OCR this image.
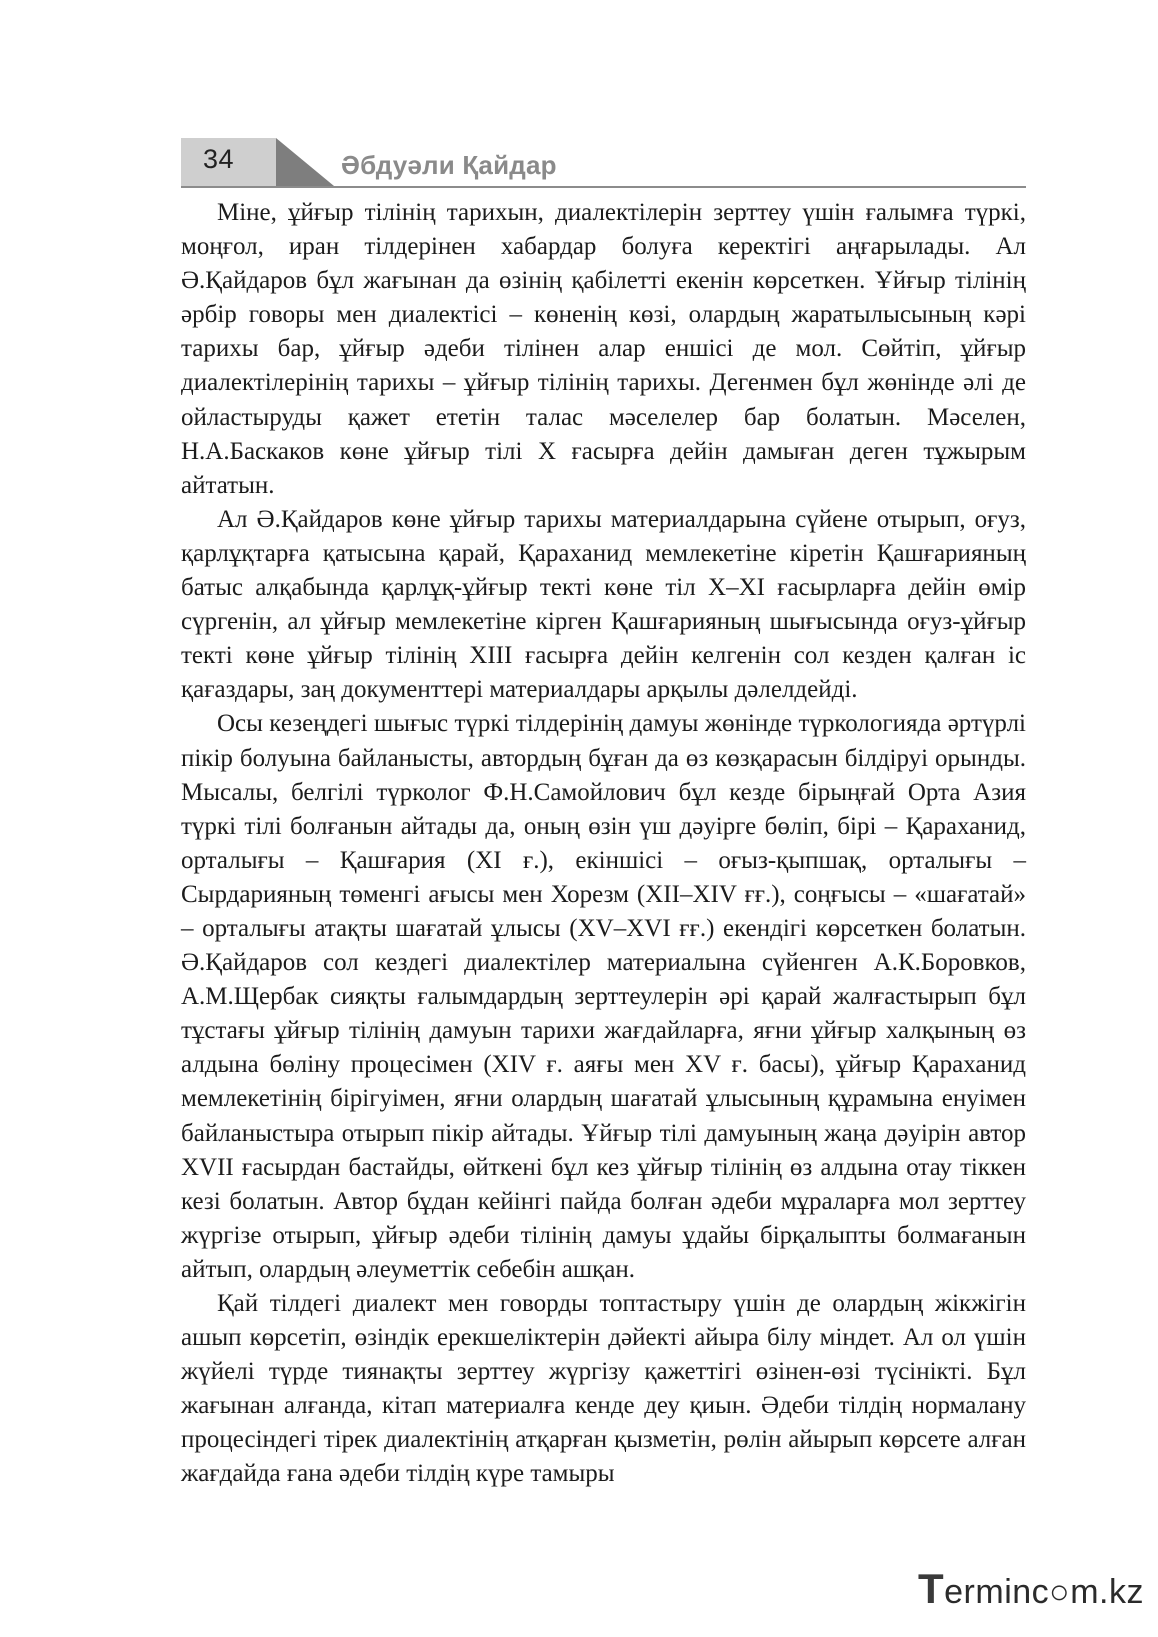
34	Әбдуәли Қайдар

Міне, ұйғыр тілінің тарихын, диалектілерін зерттеу үшін ғалымға түркі, моңғол, иран тілдерінен хабардар болуға керектігі аңғарылады. Ал Ә.Қайдаров бұл жағынан да өзінің қабілетті екенін көрсеткен. Ұйғыр тілінің әрбір говоры мен диалектісі – көненің көзі, олардың жаратылысының кәрі тарихы бар, ұйғыр әдеби тілінен алар еншісі де мол. Сөйтіп, ұйғыр диалектілерінің тарихы – ұйғыр тілінің тарихы. Дегенмен бұл жөнінде әлі де ойластыруды қажет ететін талас мәселелер бар болатын. Мәселен, Н.А.Баскаков көне ұйғыр тілі X ғасырға дейін дамыған деген тұжырым айтатын.

Ал Ә.Қайдаров көне ұйғыр тарихы материалдарына сүйене отырып, оғуз, қарлұқтарға қатысына қарай, Қараханид мемлекетіне кіретін Қашғарияның батыс алқабында қарлұқ-ұйғыр текті көне тіл X–XI ғасырларға дейін өмір сүргенін, ал ұйғыр мемлекетіне кірген Қашғарияның шығысында оғуз-ұйғыр текті көне ұйғыр тілінің XIII ғасырға дейін келгенін сол кезден қалған іс қағаздары, заң документтері материалдары арқылы дәлелдейді.

Осы кезеңдегі шығыс түркі тілдерінің дамуы жөнінде түркологияда әртүрлі пікір болуына байланысты, автордың бұған да өз көзқарасын білдіруі орынды. Мысалы, белгілі түрколог Ф.Н.Самойлович бұл кезде бірыңғай Орта Азия түркі тілі болғанын айтады да, оның өзін үш дәуірге бөліп, бірі – Қараханид, орталығы – Қашғария (XI ғ.), екіншісі – оғыз-қыпшақ, орталығы – Сырдарияның төменгі ағысы мен Хорезм (XII–XIV ғғ.), соңғысы – «шағатай» – орталығы атақты шағатай ұлысы (XV–XVI ғғ.) екендігі көрсеткен болатын. Ә.Қайдаров сол кездегі диалектілер материалына сүйенген А.К.Боровков, А.М.Щербак сияқты ғалымдардың зерттеулерін әрі қарай жалғастырып бұл тұстағы ұйғыр тілінің дамуын тарихи жағдайларға, яғни ұйғыр халқының өз алдына бөліну процесімен (XIV ғ. аяғы мен XV ғ. басы), ұйғыр Қараханид мемлекетінің бірігуімен, яғни олардың шағатай ұлысының құрамына енуімен байланыстыра отырып пікір айтады. Ұйғыр тілі дамуының жаңа дәуірін автор XVII ғасырдан бастайды, өйткені бұл кез ұйғыр тілінің өз алдына отау тіккен кезі болатын. Автор бұдан кейінгі пайда болған әдеби мұраларға мол зерттеу жүргізе отырып, ұйғыр әдеби тілінің дамуы ұдайы бірқалыпты болмағанын айтып, олардың әлеуметтік себебін ашқан.

Қай тілдегі диалект мен говорды топтастыру үшін де олардың жікжігін ашып көрсетіп, өзіндік ерекшеліктерін дәйекті айыра білу міндет. Ал ол үшін жүйелі түрде тиянақты зерттеу жүргізу қажеттігі өзінен-өзі түсінікті. Бұл жағынан алғанда, кітап материалға кенде деу қиын. Әдеби тілдің нормалану процесіндегі тірек диалектінің атқарған қызметін, рөлін айырып көрсете алған жағдайда ғана әдеби тілдің күре тамыры

Terminc○m.kz
